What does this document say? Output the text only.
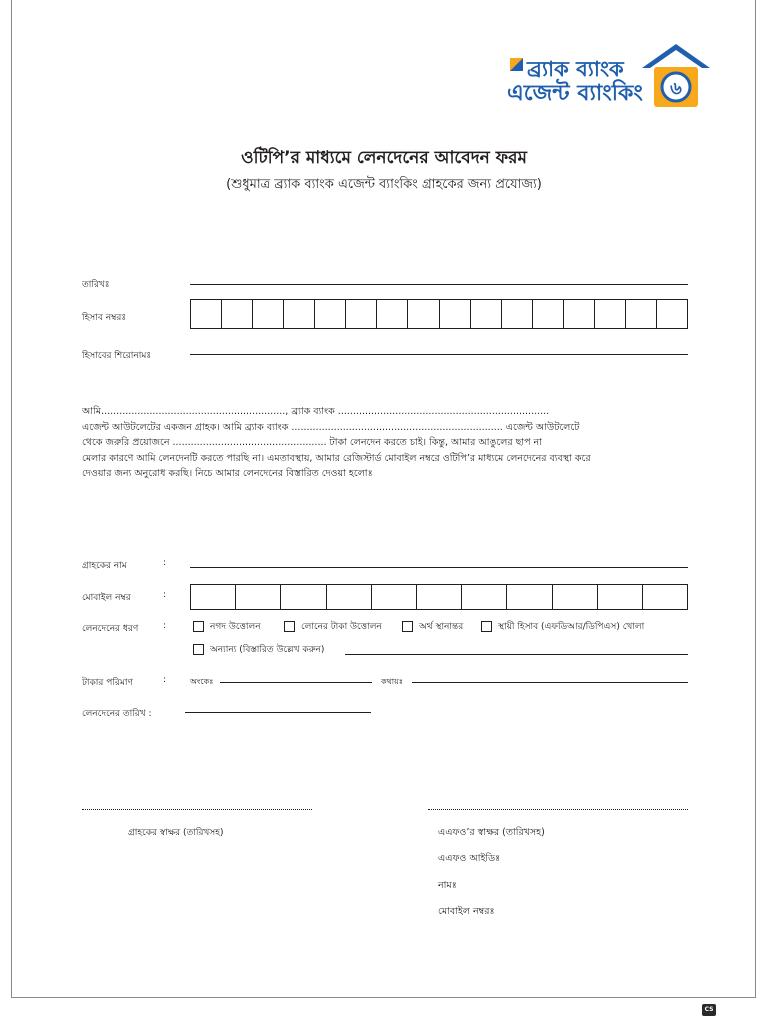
ব্র্যাক ব্যাংক
এজেন্ট ব্যাংকিং ৬
ওটিপি’র মাধ্যমে লেনদেনের আবেদন ফরম
(শুধুমাত্র ব্র্যাক ব্যাংক এজেন্ট ব্যাংকিং গ্রাহকের জন্য প্রযোজ্য)
তারিখঃ
হিসাব নম্বরঃ
হিসাবের শিরোনামঃ

আমি............................................................., ব্র্যাক ব্যাংক ......................................................................

এজেন্ট আউটলেটের একজন গ্রাহক। আমি ব্র্যাক ব্যাংক ...................................................................... এজেন্ট আউটলেটে

থেকে জরুরি প্রয়োজনে ................................................... টাকা লেনদেন করতে চাই। কিন্তু, আমার আঙুলের ছাপ না

মেলার কারণে আমি লেনদেনটি করতে পারছি না। এমতাবস্থায়, আমার রেজিস্টার্ড মোবাইল নম্বরে ওটিপি’র মাধ্যমে লেনদেনের ব্যবস্থা করে

দেওয়ার জন্য অনুরোধ করছি। নিচে আমার লেনদেনের বিস্তারিত দেওয়া হলোঃ

গ্রাহকের নাম	:
মোবাইল নম্বর	:
লেনদেনের ধরণ	:	নগদ উত্তোলন	লোনের টাকা উত্তোলন	অর্থ স্থানান্তর	স্থায়ী হিসাব (এফডিআর/ডিপিএস) খোলা
অন্যান্য (বিস্তারিত উল্লেখ করুন)
টাকার পরিমাণ	:	অংকেঃ	কথায়ঃ
লেনদেনের তারিখ :
গ্রাহকের স্বাক্ষর (তারিখসহ)	এএফও’র স্বাক্ষর (তারিখসহ)
এএফও আইডিঃ
নামঃ
মোবাইল নম্বরঃ
CS
